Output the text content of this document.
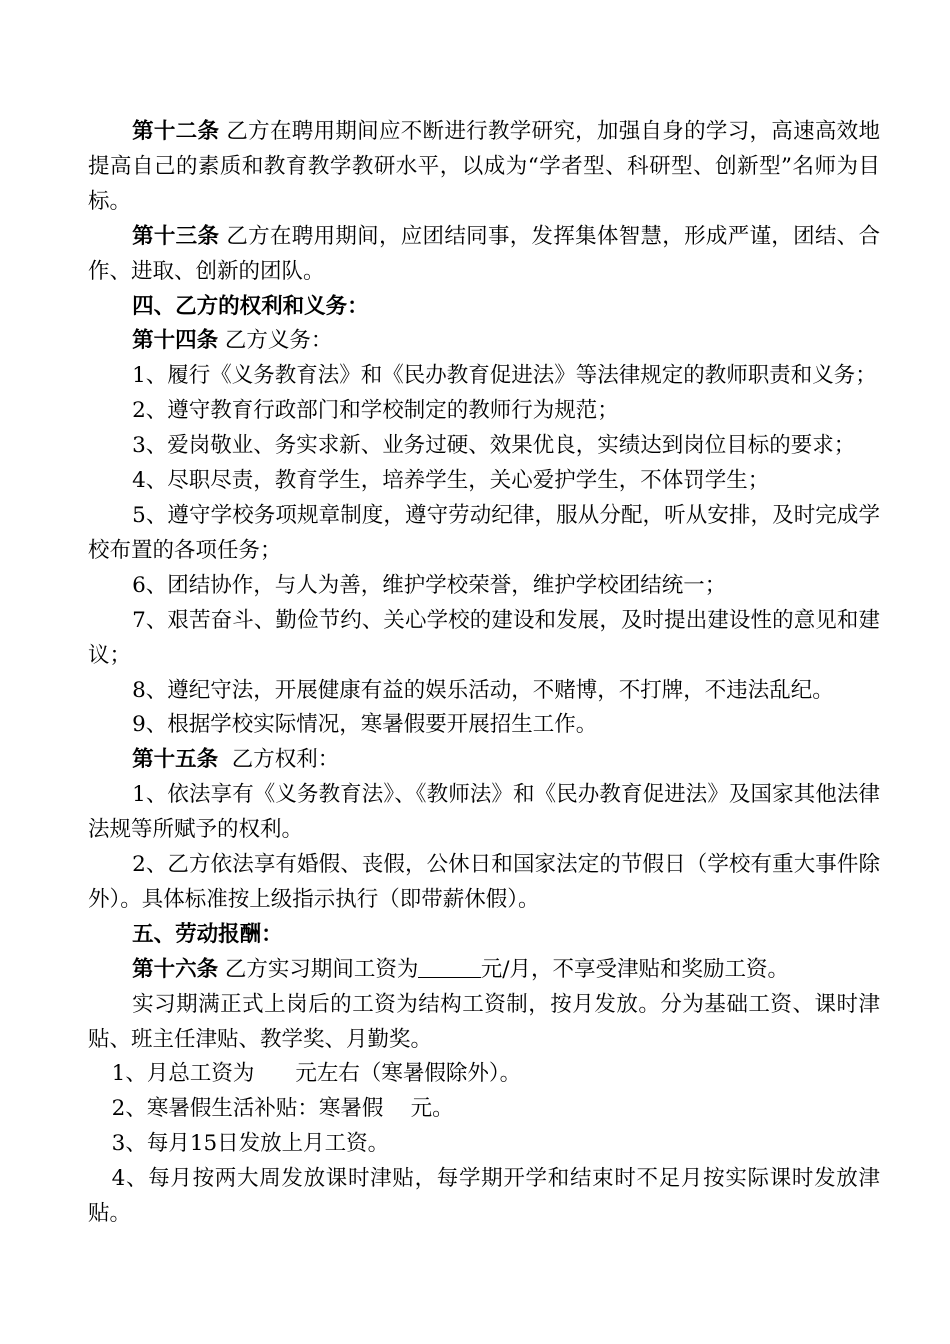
第十二条 乙方在聘用期间应不断进行教学研究，加强自身的学习，高速高效地提高自己的素质和教育教学教研水平，以成为“学者型、科研型、创新型”名师为目标。

第十三条 乙方在聘用期间，应团结同事，发挥集体智慧，形成严谨，团结、合作、进取、创新的团队。

四、乙方的权利和义务：

第十四条 乙方义务：

1、履行《义务教育法》和《民办教育促进法》等法律规定的教师职责和义务；

2、遵守教育行政部门和学校制定的教师行为规范；

3、爱岗敬业、务实求新、业务过硬、效果优良，实绩达到岗位目标的要求；

4、尽职尽责，教育学生，培养学生，关心爱护学生，不体罚学生；

5、遵守学校务项规章制度，遵守劳动纪律，服从分配，听从安排，及时完成学校布置的各项任务；

6、团结协作，与人为善，维护学校荣誉，维护学校团结统一；

7、艰苦奋斗、勤俭节约、关心学校的建设和发展，及时提出建设性的意见和建议；

8、遵纪守法，开展健康有益的娱乐活动，不赌博，不打牌，不违法乱纪。

9、根据学校实际情况，寒暑假要开展招生工作。

第十五条  乙方权利：

1、依法享有《义务教育法》、《教师法》和《民办教育促进法》及国家其他法律法规等所赋予的权利。

2、乙方依法享有婚假、丧假，公休日和国家法定的节假日（学校有重大事件除外）。具体标准按上级指示执行（即带薪休假）。

五、劳动报酬：

第十六条 乙方实习期间工资为	元/月，不享受津贴和奖励工资。

实习期满正式上岗后的工资为结构工资制，按月发放。分为基础工资、课时津贴、班主任津贴、教学奖、月勤奖。

1、月总工资为      元左右（寒暑假除外）。

2、寒暑假生活补贴：寒暑假    元。

3、每月15日发放上月工资。

4、每月按两大周发放课时津贴，每学期开学和结束时不足月按实际课时发放津贴。
